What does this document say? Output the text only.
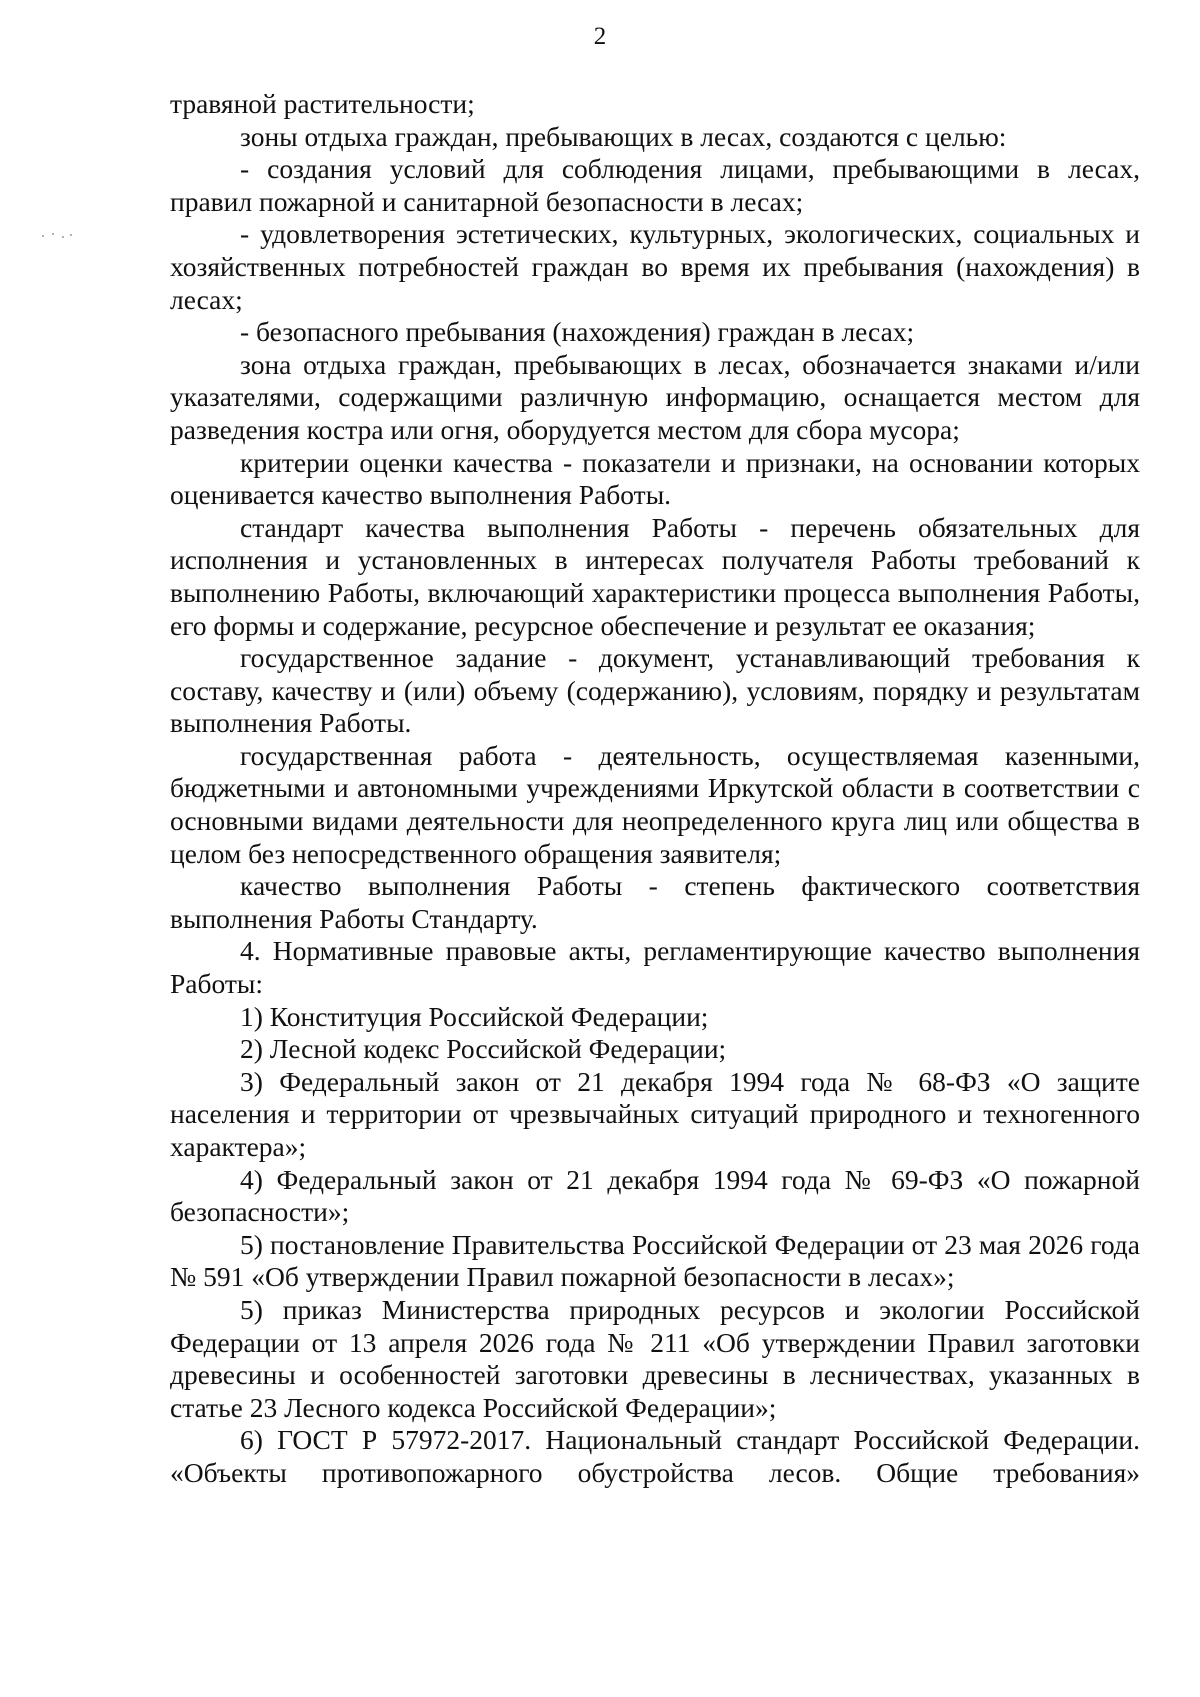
2

травяной растительности;

зоны отдыха граждан, пребывающих в лесах, создаются с целью:

- создания условий для соблюдения лицами, пребывающими в лесах, правил пожарной и санитарной безопасности в лесах;

- удовлетворения эстетических, культурных, экологических, социальных и хозяйственных потребностей граждан во время их пребывания (нахождения) в лесах;

- безопасного пребывания (нахождения) граждан в лесах;

зона отдыха граждан, пребывающих в лесах, обозначается знаками и/или указателями, содержащими различную информацию, оснащается местом для разведения костра или огня, оборудуется местом для сбора мусора;

критерии оценки качества - показатели и признаки, на основании которых оценивается качество выполнения Работы.

стандарт качества выполнения Работы - перечень обязательных для исполнения и установленных в интересах получателя Работы требований к выполнению Работы, включающий характеристики процесса выполнения Работы, его формы и содержание, ресурсное обеспечение и результат ее оказания;

государственное задание - документ, устанавливающий требования к составу, качеству и (или) объему (содержанию), условиям, порядку и результатам выполнения Работы.

государственная работа - деятельность, осуществляемая казенными, бюджетными и автономными учреждениями Иркутской области в соответствии с основными видами деятельности для неопределенного круга лиц или общества в целом без непосредственного обращения заявителя;

качество выполнения Работы - степень фактического соответствия выполнения Работы Стандарту.

4. Нормативные правовые акты, регламентирующие качество выполнения Работы:

1) Конституция Российской Федерации;

2) Лесной кодекс Российской Федерации;

3) Федеральный закон от 21 декабря 1994 года № 68-ФЗ «О защите населения и территории от чрезвычайных ситуаций природного и техногенного характера»;

4) Федеральный закон от 21 декабря 1994 года № 69-ФЗ «О пожарной безопасности»;

5) постановление Правительства Российской Федерации от 23 мая 2026 года № 591 «Об утверждении Правил пожарной безопасности в лесах»;

5) приказ Министерства природных ресурсов и экологии Российской Федерации от 13 апреля 2026 года № 211 «Об утверждении Правил заготовки древесины и особенностей заготовки древесины в лесничествах, указанных в статье 23 Лесного кодекса Российской Федерации»;

6) ГОСТ Р 57972-2017. Национальный стандарт Российской Федерации. «Объекты противопожарного обустройства лесов. Общие требования»
